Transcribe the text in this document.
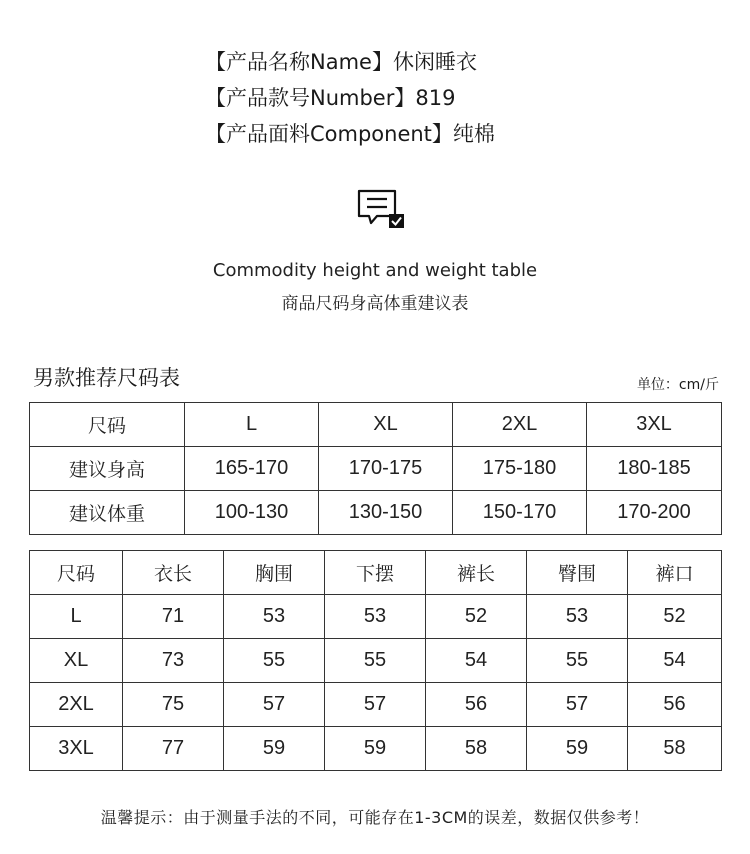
【产品名称Name】休闲睡衣
【产品款号Number】819
【产品面料Component】纯棉
Commodity height and weight table
商品尺码身高体重建议表
男款推荐尺码表	单位：cm/斤
尺码	L	XL	2XL	3XL
建议身高	165-170	170-175	175-180	180-185
建议体重	100-130	130-150	150-170	170-200
尺码	衣长	胸围	下摆	裤长	臀围	裤口
L	71	53	53	52	53	52
XL	73	55	55	54	55	54
2XL	75	57	57	56	57	56
3XL	77	59	59	58	59	58
温馨提示：由于测量手法的不同，可能存在1-3CM的误差，数据仅供参考！
